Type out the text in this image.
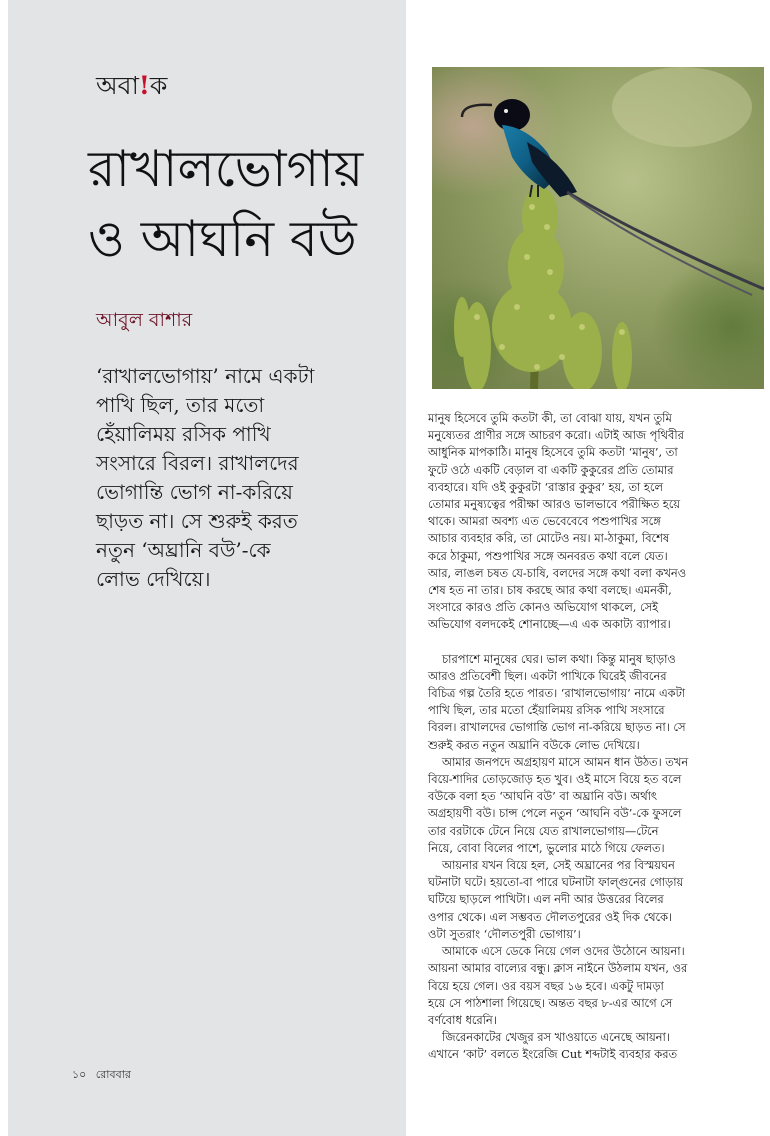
অবা!ক
রাখালভোগায়
ও আঘনি বউ
আবুল বাশার
‘রাখালভোগায়’ নামে একটা
পাখি ছিল, তার মতো
হেঁয়ালিময় রসিক পাখি
সংসারে বিরল। রাখালদের
ভোগান্তি ভোগ না-করিয়ে
ছাড়ত না। সে শুরুই করত
নতুন ‘অঘ্রানি বউ’-কে
লোভ দেখিয়ে।
মানুষ হিসেবে তুমি কতটা কী, তা বোঝা যায়, যখন তুমি
মনুষ্যেতর প্রাণীর সঙ্গে আচরণ করো। এটাই আজ পৃথিবীর
আধুনিক মাপকাঠি। মানুষ হিসেবে তুমি কতটা ‘মানুষ’, তা
ফুটে ওঠে একটি বেড়াল বা একটি কুকুরের প্রতি তোমার
ব্যবহারে। যদি ওই কুকুরটা ‘রাস্তার কুকুর’ হয়, তা হলে
তোমার মনুষ্যত্বের পরীক্ষা আরও ভালভাবে পরীক্ষিত হয়ে
থাকে। আমরা অবশ্য এত ভেবেবেবে পশুপাখির সঙ্গে
আচার ব্যবহার করি, তা মোটেও নয়। মা-ঠাকুমা, বিশেষ
করে ঠাকুমা, পশুপাখির সঙ্গে অনবরত কথা বলে যেত।
আর, লাঙল চষত যে-চাষি, বলদের সঙ্গে কথা বলা কখনও
শেষ হত না তার। চাষ করছে আর কথা বলছে। এমনকী,
সংসারে কারও প্রতি কোনও অভিযোগ থাকলে, সেই
অভিযোগ বলদকেই শোনাচ্ছে—এ এক অকাট্য ব্যাপার।
চারপাশে মানুষের ঘের। ভাল কথা। কিন্তু মানুষ ছাড়াও
আরও প্রতিবেশী ছিল। একটা পাখিকে ঘিরেই জীবনের
বিচিত্র গল্প তৈরি হতে পারত। ‘রাখালভোগায়’ নামে একটা
পাখি ছিল, তার মতো হেঁয়ালিময় রসিক পাখি সংসারে
বিরল। রাখালদের ভোগান্তি ভোগ না-করিয়ে ছাড়ত না। সে
শুরুই করত নতুন অঘ্রানি বউকে লোভ দেখিয়ে।
আমার জনপদে অগ্রহায়ণ মাসে আমন ধান উঠত। তখন
বিয়ে-শাদির তোড়জোড় হত খুব। ওই মাসে বিয়ে হত বলে
বউকে বলা হত ‘আঘনি বউ’ বা অঘ্রানি বউ। অর্থাৎ
অগ্রহায়ণী বউ। চান্স পেলে নতুন ‘আঘনি বউ’-কে ফুসলে
তার বরটাকে টেনে নিয়ে যেত রাখালভোগায়—টেনে
নিয়ে, বোবা বিলের পাশে, ভুলোর মাঠে গিয়ে ফেলত।
আয়নার যখন বিয়ে হল, সেই অঘ্রানের পর বিস্ময়ঘন
ঘটনাটা ঘটে। হয়তো-বা পারে ঘটনাটা ফাল্গুনের গোড়ায়
ঘটিয়ে ছাড়লে পাখিটা। এল নদী আর উত্তরের বিলের
ওপার থেকে। এল সম্ভবত দৌলতপুরের ওই দিক থেকে।
ওটা সুতরাং ‘দৌলতপুরী ভোগায়’।
আমাকে এসে ডেকে নিয়ে গেল ওদের উঠোনে আয়না।
আয়না আমার বাল্যের বন্ধু। ক্লাস নাইনে উঠলাম যখন, ওর
বিয়ে হয়ে গেল। ওর বয়স বছর ১৬ হবে। একটু দামড়া
হয়ে সে পাঠশালা গিয়েছে। অন্তত বছর ৮-এর আগে সে
বর্ণবোধ ধরেনি।
জিরেনকাটের খেজুর রস খাওয়াতে এনেছে আয়না।
এখানে ‘কাট’ বলতে ইংরেজি Cut শব্দটাই ব্যবহার করত
১০ রোববার
